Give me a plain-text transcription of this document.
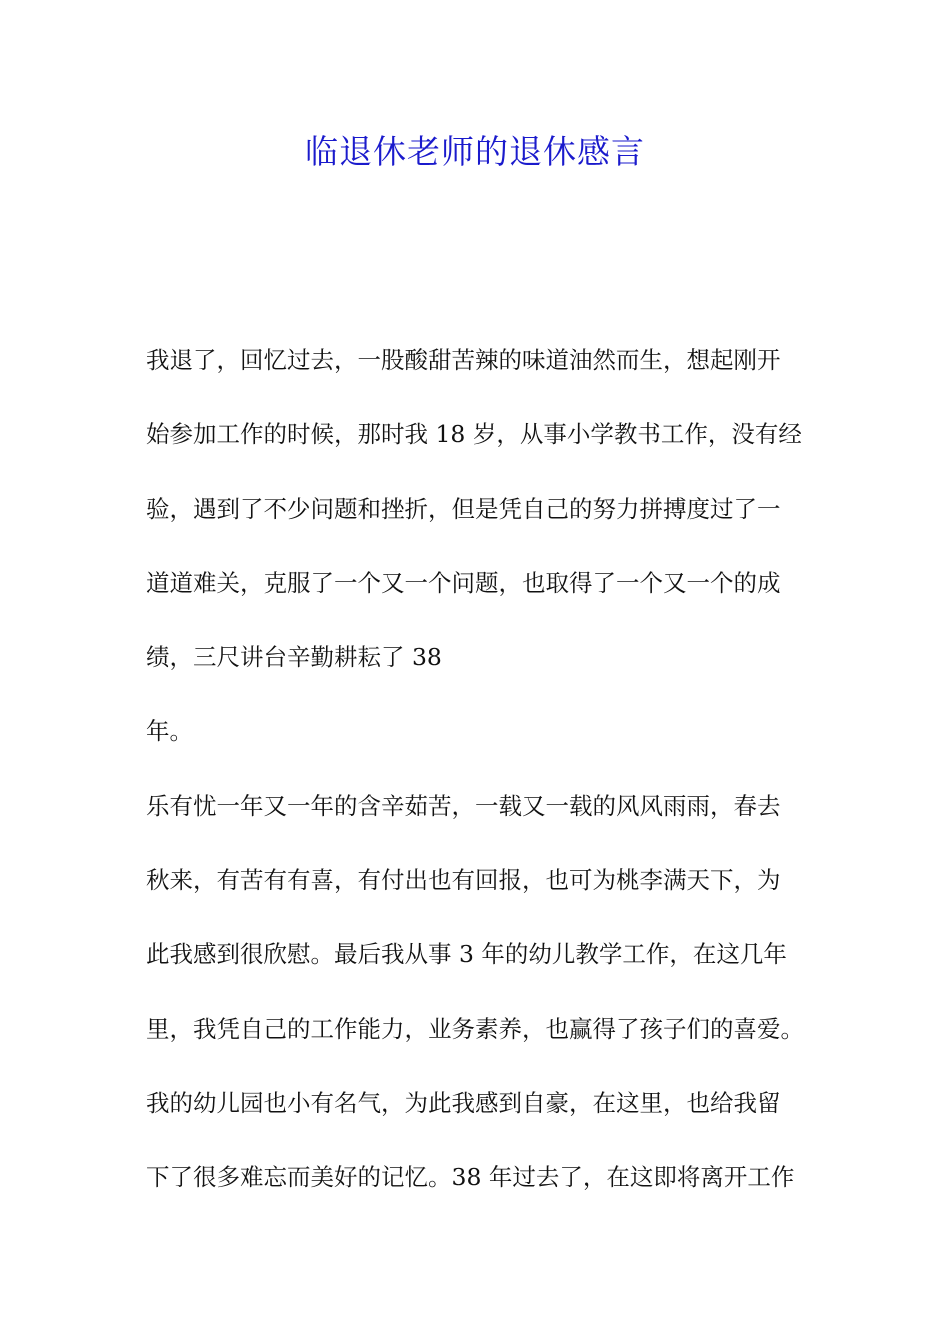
临退休老师的退休感言
我退了，回忆过去，一股酸甜苦辣的味道油然而生，想起刚开
始参加工作的时候，那时我 18 岁，从事小学教书工作，没有经
验，遇到了不少问题和挫折，但是凭自己的努力拼搏度过了一
道道难关，克服了一个又一个问题，也取得了一个又一个的成
绩，三尺讲台辛勤耕耘了 38
年。
乐有忧一年又一年的含辛茹苦，一载又一载的风风雨雨，春去
秋来，有苦有有喜，有付出也有回报，也可为桃李满天下，为
此我感到很欣慰。最后我从事 3 年的幼儿教学工作，在这几年
里，我凭自己的工作能力，业务素养，也赢得了孩子们的喜爱。
我的幼儿园也小有名气，为此我感到自豪，在这里，也给我留
下了很多难忘而美好的记忆。38 年过去了，在这即将离开工作
